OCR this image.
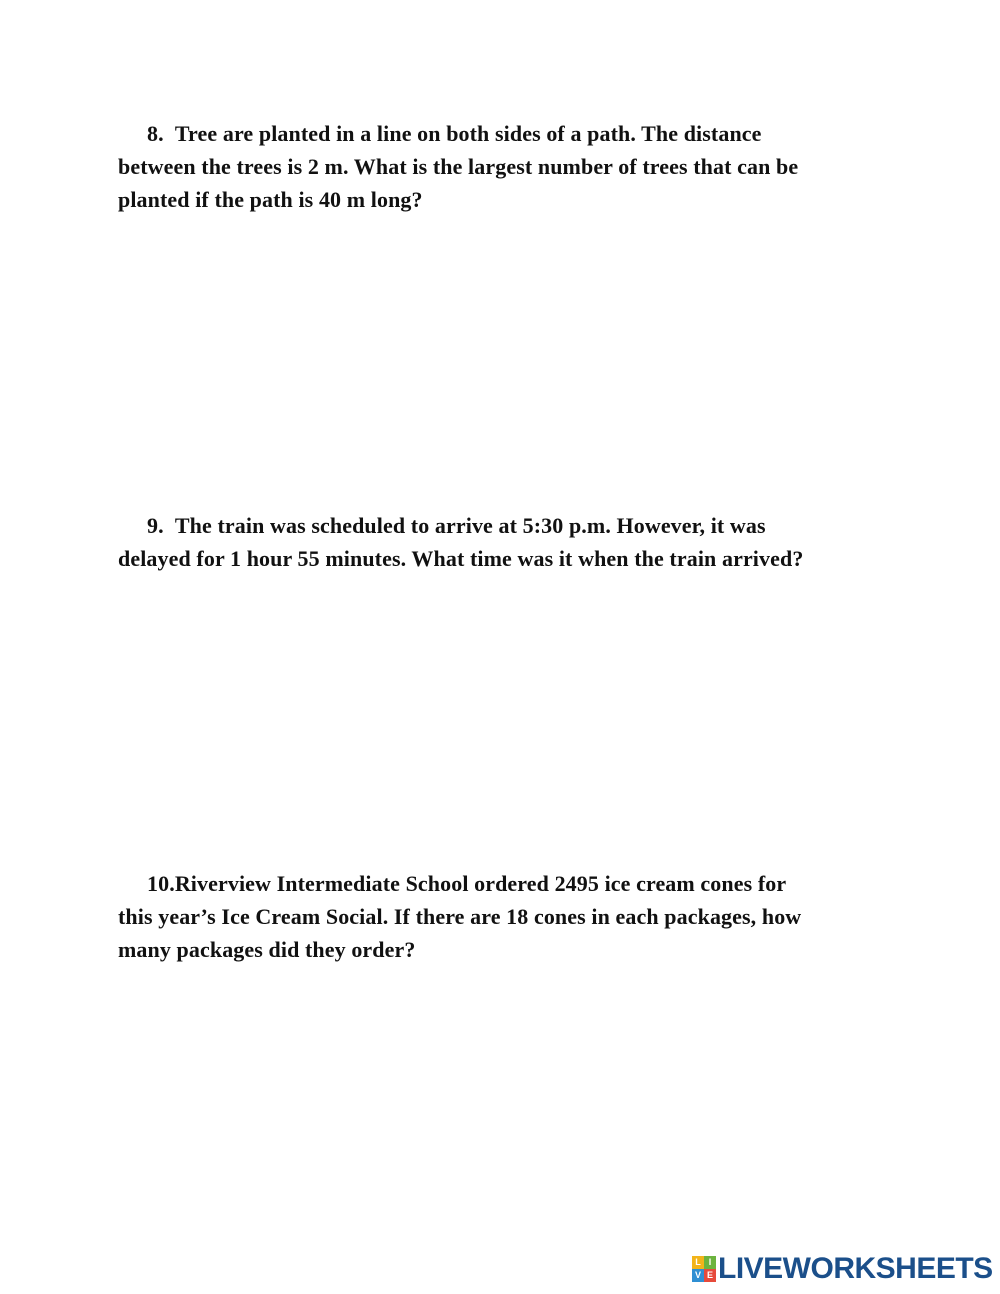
8. Tree are planted in a line on both sides of a path. The distance
between the trees is 2 m. What is the largest number of trees that can be
planted if the path is 40 m long?
9. The train was scheduled to arrive at 5:30 p.m. However, it was
delayed for 1 hour 55 minutes. What time was it when the train arrived?
10.Riverview Intermediate School ordered 2495 ice cream cones for
this year’s Ice Cream Social. If there are 18 cones in each packages, how
many packages did they order?
L I
V E LIVEWORKSHEETS
